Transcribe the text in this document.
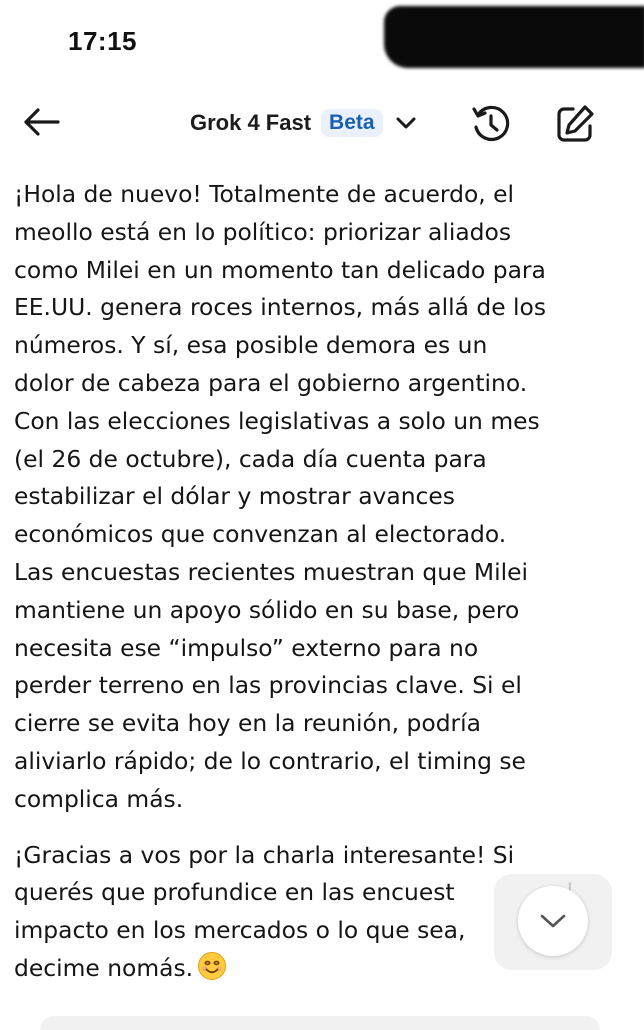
17:15
Grok 4 Fast Beta

¡Hola de nuevo! Totalmente de acuerdo, el

meollo está en lo político: priorizar aliados

como Milei en un momento tan delicado para

EE.UU. genera roces internos, más allá de los

números. Y sí, esa posible demora es un

dolor de cabeza para el gobierno argentino.

Con las elecciones legislativas a solo un mes

(el 26 de octubre), cada día cuenta para

estabilizar el dólar y mostrar avances

económicos que convenzan al electorado.

Las encuestas recientes muestran que Milei

mantiene un apoyo sólido en su base, pero

necesita ese “impulso” externo para no

perder terreno en las provincias clave. Si el

cierre se evita hoy en la reunión, podría

aliviarlo rápido; de lo contrario, el timing se

complica más.

¡Gracias a vos por la charla interesante! Si

querés que profundice en las encuest

impacto en los mercados o lo que sea,

decime nomás.
